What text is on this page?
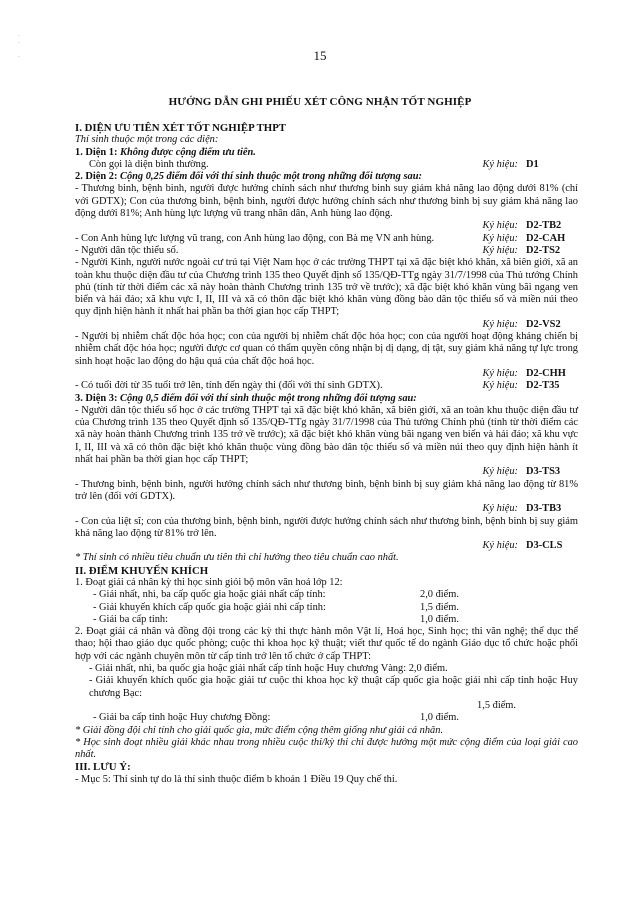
.
.

.	15
HƯỚNG DẪN GHI PHIẾU XÉT CÔNG NHẬN TỐT NGHIỆP

I. DIỆN ƯU TIÊN XÉT TỐT NGHIỆP THPT

Thí sinh thuộc một trong các diện:

1. Diện 1: Không được cộng điểm ưu tiên.

Còn gọi là diện bình thường.	Ký hiệu: D1

2. Diện 2: Cộng 0,25 điểm đối với thí sinh thuộc một trong những đối tượng sau:

- Thương binh, bệnh binh, người được hưởng chính sách như thương binh suy giảm khả năng lao động dưới 81% (chỉ với GDTX); Con của thương binh, bệnh binh, người được hưởng chính sách như thương binh bị suy giảm khả năng lao động dưới 81%; Anh hùng lực lượng vũ trang nhân dân, Anh hùng lao động.

Ký hiệu: D2-TB2
- Con Anh hùng lực lượng vũ trang, con Anh hùng lao động, con Bà mẹ VN anh hùng.	Ký hiệu: D2-CAH
- Người dân tộc thiểu số.	Ký hiệu: D2-TS2

- Người Kinh, người nước ngoài cư trú tại Việt Nam học ở các trường THPT tại xã đặc biệt khó khăn, xã biên giới, xã an toàn khu thuộc diện đầu tư của Chương trình 135 theo Quyết định số 135/QĐ-TTg ngày 31/7/1998 của Thủ tướng Chính phủ (tính từ thời điểm các xã này hoàn thành Chương trình 135 trở về trước); xã đặc biệt khó khăn vùng bãi ngang ven biển và hải đảo; xã khu vực I, II, III và xã có thôn đặc biệt khó khăn vùng đồng bào dân tộc thiểu số và miền núi theo quy định hiện hành ít nhất hai phần ba thời gian học cấp THPT;

Ký hiệu: D2-VS2

- Người bị nhiễm chất độc hóa học; con của người bị nhiễm chất độc hóa học; con của người hoạt động kháng chiến bị nhiễm chất độc hóa học; người được cơ quan có thẩm quyền công nhận bị dị dạng, dị tật, suy giảm khả năng tự lực trong sinh hoạt hoặc lao động do hậu quả của chất độc hoá học.

Ký hiệu: D2-CHH
- Có tuổi đời từ 35 tuổi trở lên, tính đến ngày thi (đối với thí sinh GDTX).	Ký hiệu: D2-T35

3. Diện 3: Cộng 0,5 điểm đối với thí sinh thuộc một trong những đối tượng sau:

- Người dân tộc thiểu số học ở các trường THPT tại xã đặc biệt khó khăn, xã biên giới, xã an toàn khu thuộc diện đầu tư của Chương trình 135 theo Quyết định số 135/QĐ-TTg ngày 31/7/1998 của Thủ tướng Chính phủ (tính từ thời điểm các xã này hoàn thành Chương trình 135 trở về trước); xã đặc biệt khó khăn vùng bãi ngang ven biển và hải đảo; xã khu vực I, II, III và xã có thôn đặc biệt khó khăn thuộc vùng đồng bào dân tộc thiểu số và miền núi theo quy định hiện hành ít nhất hai phần ba thời gian học cấp THPT;

Ký hiệu: D3-TS3

- Thương binh, bệnh binh, người hưởng chính sách như thương binh, bệnh binh bị suy giảm khả năng lao động từ 81% trở lên (đối với GDTX).

Ký hiệu: D3-TB3

- Con của liệt sĩ; con của thương binh, bệnh binh, người được hưởng chính sách như thương binh, bệnh binh bị suy giảm khả năng lao động từ 81% trở lên.

Ký hiệu: D3-CLS

* Thí sinh có nhiều tiêu chuẩn ưu tiên thì chỉ hưởng theo tiêu chuẩn cao nhất.

II. ĐIỂM KHUYẾN KHÍCH

1. Đoạt giải cá nhân kỳ thi học sinh giỏi bộ môn văn hoá lớp 12:

- Giải nhất, nhì, ba cấp quốc gia hoặc giải nhất cấp tỉnh:	2,0 điểm.
- Giải khuyến khích cấp quốc gia hoặc giải nhì cấp tỉnh:	1,5 điểm.
- Giải ba cấp tỉnh:	1,0 điểm.

2. Đoạt giải cá nhân và đồng đội trong các kỳ thi thực hành môn Vật lí, Hoá học, Sinh học; thi văn nghệ; thể dục thể thao; hội thao giáo dục quốc phòng; cuộc thi khoa học kỹ thuật; viết thư quốc tế do ngành Giáo dục tổ chức hoặc phối hợp với các ngành chuyên môn từ cấp tỉnh trở lên tổ chức ở cấp THPT:

- Giải nhất, nhì, ba quốc gia hoặc giải nhất cấp tỉnh hoặc Huy chương Vàng: 2,0 điểm.

- Giải khuyến khích quốc gia hoặc giải tư cuộc thi khoa học kỹ thuật cấp quốc gia hoặc giải nhì cấp tỉnh hoặc Huy chương Bạc:

1,5 điểm.
- Giải ba cấp tỉnh hoặc Huy chương Đồng:	1,0 điểm.

* Giải đồng đội chỉ tính cho giải quốc gia, mức điểm cộng thêm giống như giải cá nhân.

* Học sinh đoạt nhiều giải khác nhau trong nhiều cuộc thi/kỳ thi chỉ được hưởng một mức cộng điểm của loại giải cao nhất.

III. LƯU Ý:

- Mục 5: Thí sinh tự do là thí sinh thuộc điểm b khoản 1 Điều 19 Quy chế thi.
